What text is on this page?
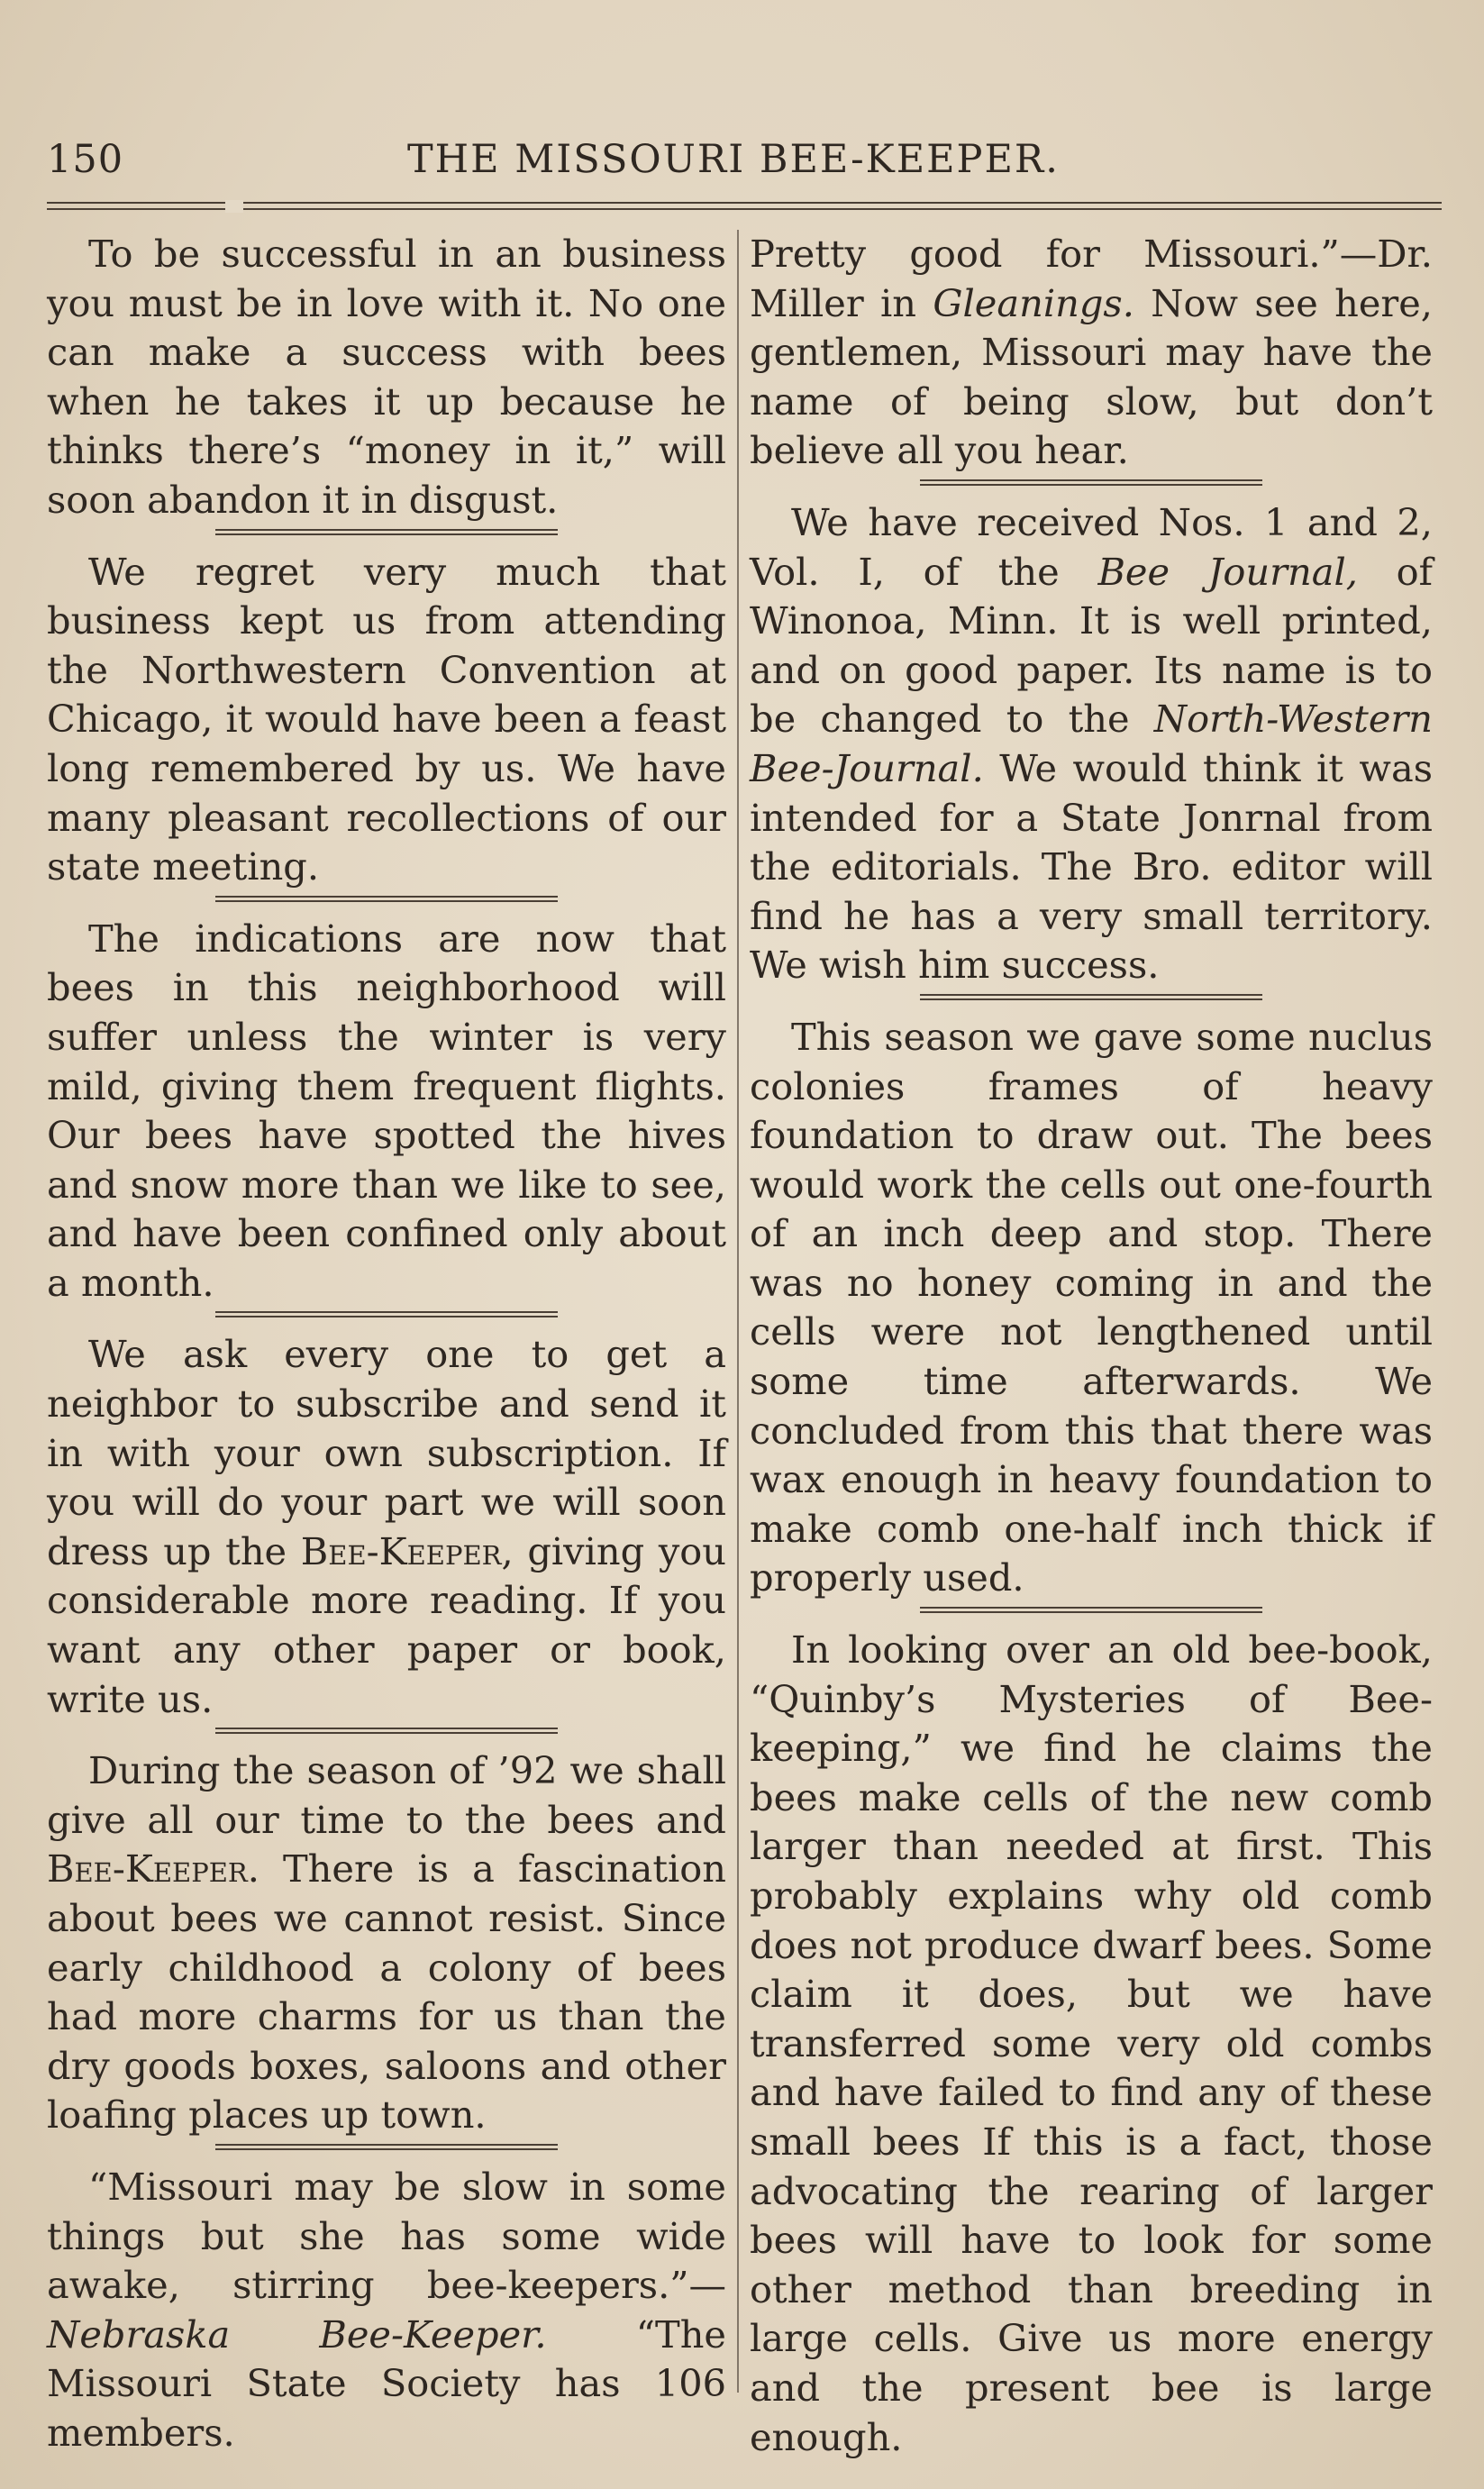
150	THE MISSOURI BEE-KEEPER.

To be successful in an business you must be in love with it. No one can make a success with bees when he takes it up because he thinks there’s “money in it,” will soon abandon it in disgust.

We regret very much that business kept us from attending the Northwestern Convention at Chicago, it would have been a feast long remembered by us. We have many pleasant recollections of our state meeting.

The indications are now that bees in this neighborhood will suffer unless the winter is very mild, giving them frequent flights. Our bees have spotted the hives and snow more than we like to see, and have been confined only about a month.

We ask every one to get a neighbor to subscribe and send it in with your own subscription. If you will do your part we will soon dress up the Bee-Keeper, giving you considerable more reading. If you want any other paper or book, write us.

During the season of ’92 we shall give all our time to the bees and Bee-Keeper. There is a fascination about bees we cannot resist. Since early childhood a colony of bees had more charms for us than the dry goods boxes, saloons and other loafing places up town.

“Missouri may be slow in some things but she has some wide awake, stirring bee-keepers.”—Nebraska Bee-Keeper. “The Missouri State Society has 106 members.

Pretty good for Missouri.”—Dr. Miller in Gleanings. Now see here, gentlemen, Missouri may have the name of being slow, but don’t believe all you hear.

We have received Nos. 1 and 2, Vol. I, of the Bee Journal, of Winonoa, Minn. It is well printed, and on good paper. Its name is to be changed to the North-Western Bee-Journal. We would think it was intended for a State Jonrnal from the editorials. The Bro. editor will find he has a very small territory. We wish him success.

This season we gave some nuclus colonies frames of heavy foundation to draw out. The bees would work the cells out one-fourth of an inch deep and stop. There was no honey coming in and the cells were not lengthened until some time afterwards. We concluded from this that there was wax enough in heavy foundation to make comb one-half inch thick if properly used.

In looking over an old bee-book, “Quinby’s Mysteries of Bee-keeping,” we find he claims the bees make cells of the new comb larger than needed at first. This probably explains why old comb does not produce dwarf bees. Some claim it does, but we have transferred some very old combs and have failed to find any of these small bees If this is a fact, those advocating the rearing of larger bees will have to look for some other method than breeding in large cells. Give us more energy and the present bee is large enough.
